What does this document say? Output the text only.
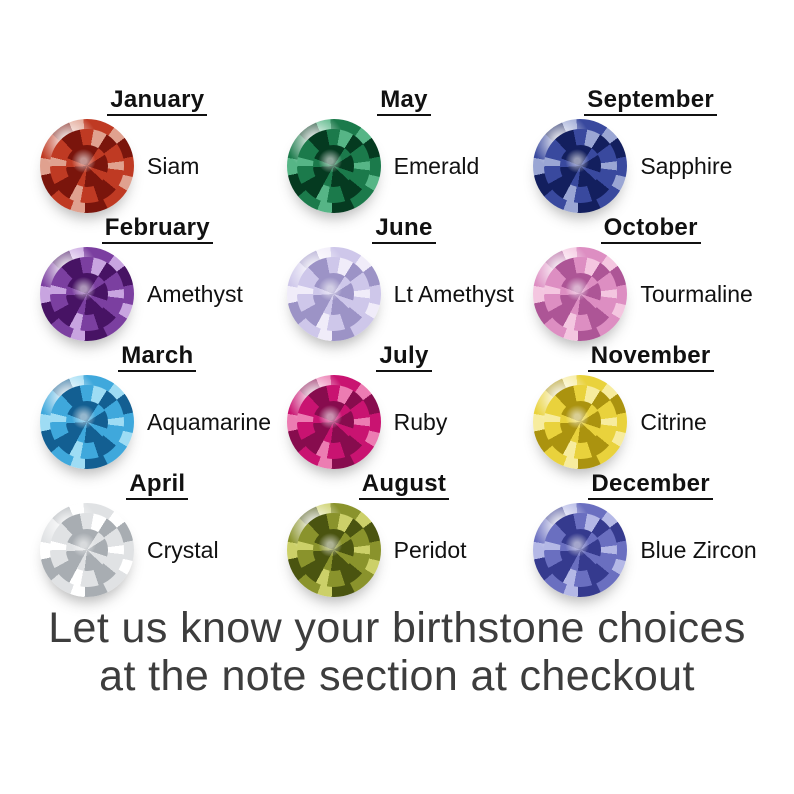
January
Siam
May
Emerald
September
Sapphire
February
Amethyst
June
Lt Amethyst
October
Tourmaline
March
Aquamarine
July
Ruby
November
Citrine
April
Crystal
August
Peridot
December
Blue Zircon
Let us know your birthstone choices
at the note section at checkout
